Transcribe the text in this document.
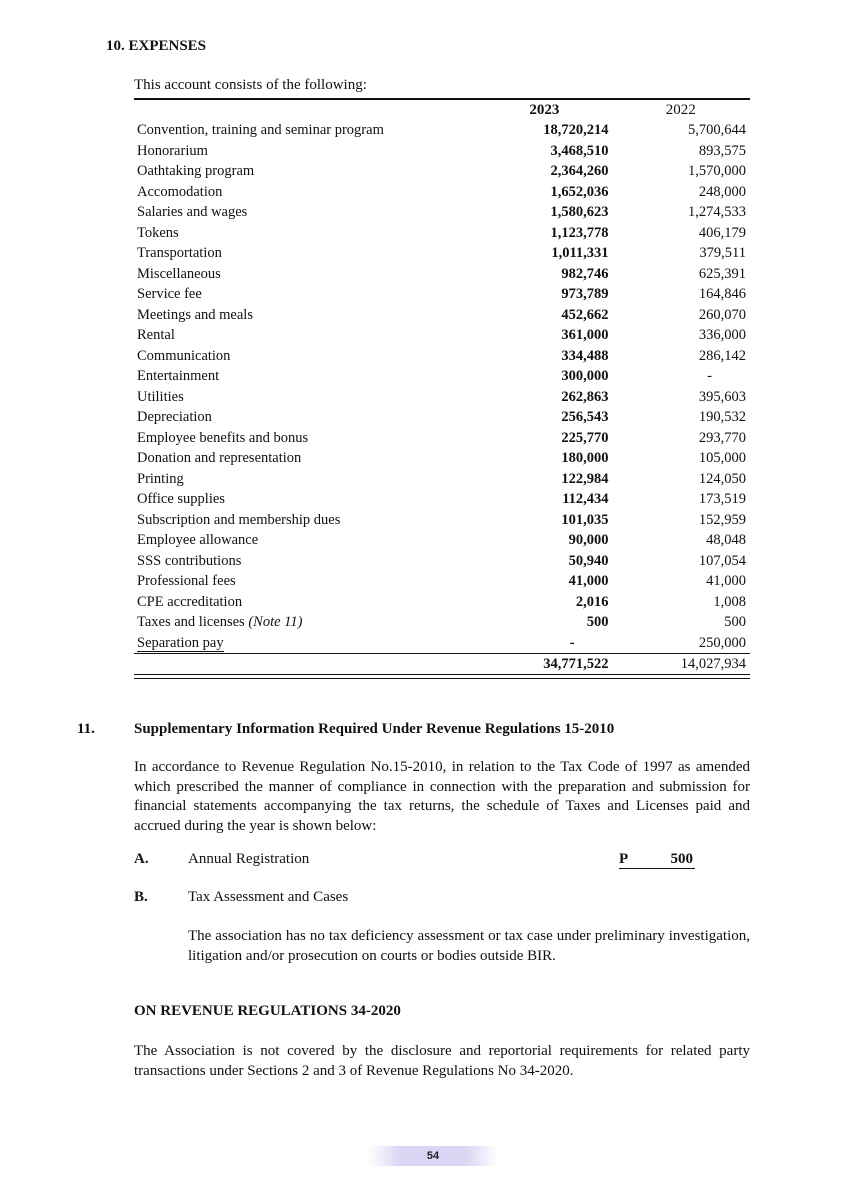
10. EXPENSES
This account consists of the following:
	2023	2022
Convention, training and seminar program	18,720,214	5,700,644
Honorarium	3,468,510	893,575
Oathtaking program	2,364,260	1,570,000
Accomodation	1,652,036	248,000
Salaries and wages	1,580,623	1,274,533
Tokens	1,123,778	406,179
Transportation	1,011,331	379,511
Miscellaneous	982,746	625,391
Service fee	973,789	164,846
Meetings and meals	452,662	260,070
Rental	361,000	336,000
Communication	334,488	286,142
Entertainment	300,000	-
Utilities	262,863	395,603
Depreciation	256,543	190,532
Employee benefits and bonus	225,770	293,770
Donation and representation	180,000	105,000
Printing	122,984	124,050
Office supplies	112,434	173,519
Subscription and membership dues	101,035	152,959
Employee allowance	90,000	48,048
SSS contributions	50,940	107,054
Professional fees	41,000	41,000
CPE accreditation	2,016	1,008
Taxes and licenses (Note 11)	500	500
Separation pay	-	250,000
	34,771,522	14,027,934
11.	Supplementary Information Required Under Revenue Regulations 15-2010
In accordance to Revenue Regulation No.15-2010, in relation to the Tax Code of 1997 as amended which prescribed the manner of compliance in connection with the preparation and submission for financial statements accompanying the tax returns, the schedule of Taxes and Licenses paid and accrued during the year is shown below:
A.	Annual Registration	P	500
B.	Tax Assessment and Cases
The association has no tax deficiency assessment or tax case under preliminary investigation, litigation and/or prosecution on courts or bodies outside BIR.
ON REVENUE REGULATIONS 34-2020
The Association is not covered by the disclosure and reportorial requirements for related party transactions under Sections 2 and 3 of Revenue Regulations No 34-2020.
54
